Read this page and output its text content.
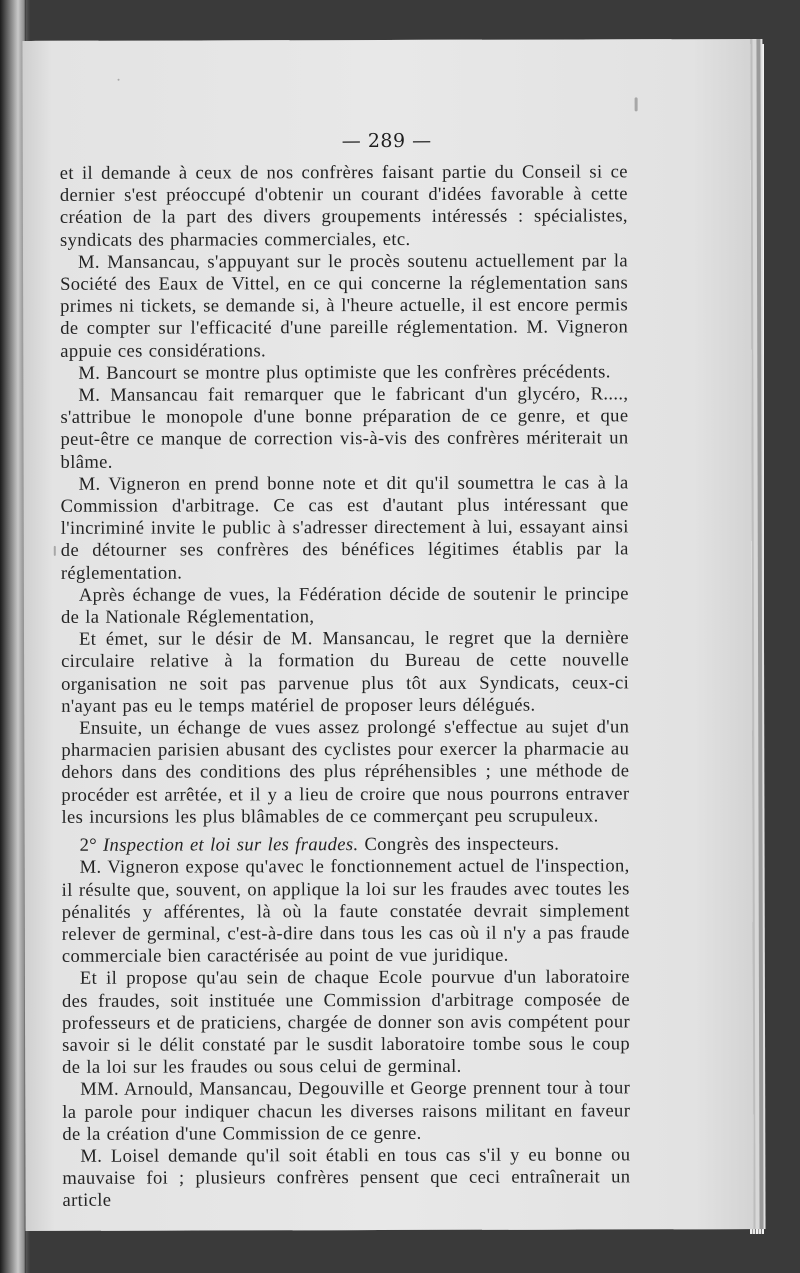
— 289 —

et il demande à ceux de nos confrères faisant partie du Conseil si ce dernier s'est préoccupé d'obtenir un courant d'idées favorable à cette création de la part des divers groupements intéressés : spécialistes, syndicats des pharmacies commerciales, etc.

M. Mansancau, s'appuyant sur le procès soutenu actuellement par la Société des Eaux de Vittel, en ce qui concerne la réglementation sans primes ni tickets, se demande si, à l'heure actuelle, il est encore permis de compter sur l'efficacité d'une pareille réglementation. M. Vigneron appuie ces considérations.

M. Bancourt se montre plus optimiste que les confrères précédents.

M. Mansancau fait remarquer que le fabricant d'un glycéro, R...., s'attribue le monopole d'une bonne préparation de ce genre, et que peut-être ce manque de correction vis-à-vis des confrères mériterait un blâme.

M. Vigneron en prend bonne note et dit qu'il soumettra le cas à la Commission d'arbitrage. Ce cas est d'autant plus intéressant que l'incriminé invite le public à s'adresser directement à lui, essayant ainsi de détourner ses confrères des bénéfices légitimes établis par la réglementation.

Après échange de vues, la Fédération décide de soutenir le principe de la Nationale Réglementation,

Et émet, sur le désir de M. Mansancau, le regret que la dernière circulaire relative à la formation du Bureau de cette nouvelle organisation ne soit pas parvenue plus tôt aux Syndicats, ceux-ci n'ayant pas eu le temps matériel de proposer leurs délégués.

Ensuite, un échange de vues assez prolongé s'effectue au sujet d'un pharmacien parisien abusant des cyclistes pour exercer la pharmacie au dehors dans des conditions des plus répréhensibles ; une méthode de procéder est arrêtée, et il y a lieu de croire que nous pourrons entraver les incursions les plus blâmables de ce commerçant peu scrupuleux.

2° Inspection et loi sur les fraudes. Congrès des inspecteurs.

M. Vigneron expose qu'avec le fonctionnement actuel de l'inspection, il résulte que, souvent, on applique la loi sur les fraudes avec toutes les pénalités y afférentes, là où la faute constatée devrait simplement relever de germinal, c'est-à-dire dans tous les cas où il n'y a pas fraude commerciale bien caractérisée au point de vue juridique.

Et il propose qu'au sein de chaque Ecole pourvue d'un laboratoire des fraudes, soit instituée une Commission d'arbitrage composée de professeurs et de praticiens, chargée de donner son avis compétent pour savoir si le délit constaté par le susdit laboratoire tombe sous le coup de la loi sur les fraudes ou sous celui de germinal.

MM. Arnould, Mansancau, Degouville et George prennent tour à tour la parole pour indiquer chacun les diverses raisons militant en faveur de la création d'une Commission de ce genre.

M. Loisel demande qu'il soit établi en tous cas s'il y eu bonne ou mauvaise foi ; plusieurs confrères pensent que ceci entraînerait un article
